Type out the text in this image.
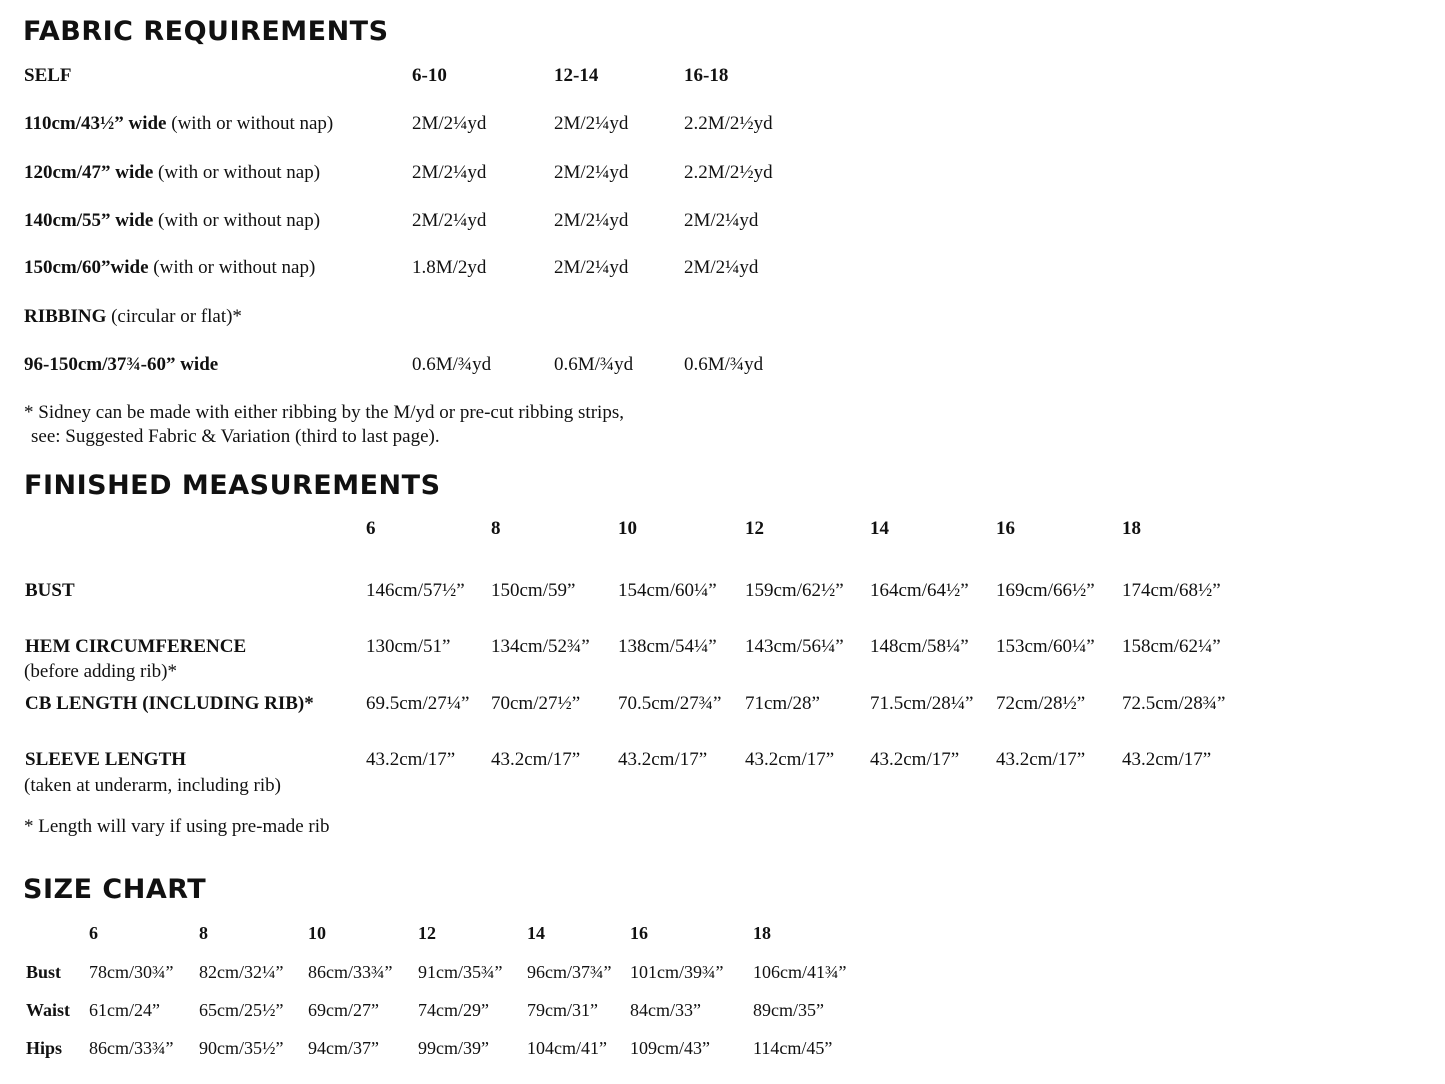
FABRIC REQUIREMENTS
SELF	6-10	12-14	16-18
110cm/43½” wide (with or without nap)	2M/2¼yd	2M/2¼yd	2.2M/2½yd
120cm/47” wide (with or without nap)	2M/2¼yd	2M/2¼yd	2.2M/2½yd
140cm/55” wide (with or without nap)	2M/2¼yd	2M/2¼yd	2M/2¼yd
150cm/60”wide (with or without nap)	1.8M/2yd	2M/2¼yd	2M/2¼yd
RIBBING (circular or flat)*
96-150cm/37¾-60” wide	0.6M/¾yd	0.6M/¾yd	0.6M/¾yd
* Sidney can be made with either ribbing by the M/yd or pre-cut ribbing strips,
see: Suggested Fabric & Variation (third to last page).
FINISHED MEASUREMENTS
6	8	10	12	14	16	18
BUST	146cm/57½” 150cm/59” 154cm/60¼” 159cm/62½” 164cm/64½” 169cm/66½” 174cm/68½”
HEM CIRCUMFERENCE
(before adding rib)*
130cm/51” 134cm/52¾” 138cm/54¼” 143cm/56¼” 148cm/58¼” 153cm/60¼” 158cm/62¼”
CB LENGTH (INCLUDING RIB)*	69.5cm/27¼” 70cm/27½” 70.5cm/27¾” 71cm/28”	71.5cm/28¼” 72cm/28½” 72.5cm/28¾”
SLEEVE LENGTH
(taken at underarm, including rib)
43.2cm/17” 43.2cm/17” 43.2cm/17” 43.2cm/17” 43.2cm/17” 43.2cm/17” 43.2cm/17”
* Length will vary if using pre-made rib
SIZE CHART
6	8	10	12	14	16	18
Bust 78cm/30¾” 82cm/32¼” 86cm/33¾” 91cm/35¾” 96cm/37¾” 101cm/39¾” 106cm/41¾”
Waist 61cm/24” 65cm/25½” 69cm/27” 74cm/29” 79cm/31” 84cm/33”	89cm/35”
Hips 86cm/33¾” 90cm/35½” 94cm/37” 99cm/39” 104cm/41” 109cm/43” 114cm/45”
